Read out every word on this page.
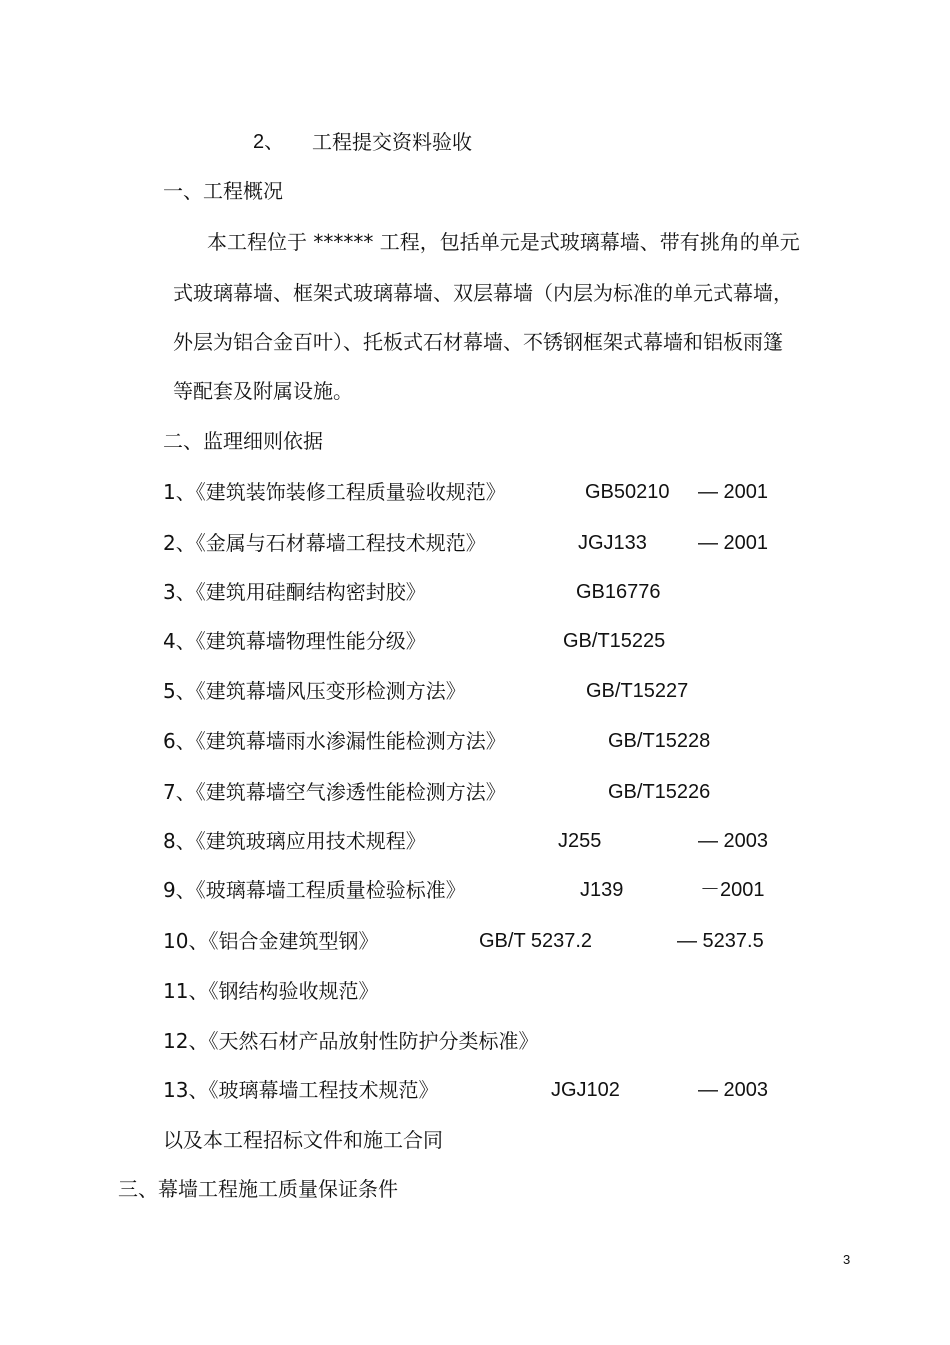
2、 工程提交资料验收
一、工程概况
本工程位于 ****** 工程，包括单元是式玻璃幕墙、带有挑角的单元
式玻璃幕墙、框架式玻璃幕墙、双层幕墙（内层为标准的单元式幕墙，
外层为铝合金百叶）、托板式石材幕墙、不锈钢框架式幕墙和铝板雨篷
等配套及附属设施。
二、监理细则依据
1、《建筑装饰装修工程质量验收规范》	GB50210 — 2001
2、《金属与石材幕墙工程技术规范》	JGJ133	— 2001
3、《建筑用硅酮结构密封胶》	GB16776
4、《建筑幕墙物理性能分级》	GB/T15225
5、《建筑幕墙风压变形检测方法》	GB/T15227
6、《建筑幕墙雨水渗漏性能检测方法》	GB/T15228
7、《建筑幕墙空气渗透性能检测方法》	GB/T15226
8、《建筑玻璃应用技术规程》	J255	— 2003
9、《玻璃幕墙工程质量检验标准》	J139	－2001
10、《铝合金建筑型钢》	GB/T 5237.2	— 5237.5
11、《钢结构验收规范》
12、《天然石材产品放射性防护分类标准》
13、《玻璃幕墙工程技术规范》	JGJ102	— 2003
以及本工程招标文件和施工合同
三、幕墙工程施工质量保证条件
3
